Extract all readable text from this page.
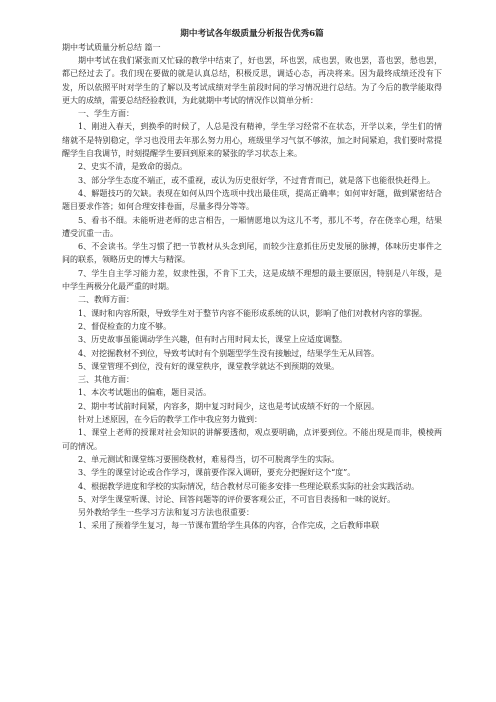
期中考试各年级质量分析报告优秀6篇
期中考试质量分析总结 篇一
期中考试在我们紧张而又忙碌的教学中结束了，好也罢，坏也罢，成也罢，败也罢，喜也罢，愁也罢，都已经过去了。我们现在要做的就是认真总结，积极反思，调适心态，再决将来。因为最终成绩还没有下发，所以依照平时对学生的了解以及考试成绩对学生前段时间的学习情况进行总结。为了今后的教学能取得更大的成绩，需要总结经验教训，为此就期中考试的情况作以简单分析：
一、学生方面：
1、刚进入春天，到换季的时候了，人总是没有精神，学生学习经常不在状态，开学以来，学生们的情绪就不是特别稳定，学习也没用去年那么努力用心，班级里学习气氛不够浓，加之时间紧迫，我们要时常提醒学生自我调节，时刻提醒学生要回到原来的紧张的学习状态上来。
2、史实不清，是致命的弱点。
3、部分学生态度不端正，或不重视，或认为历史很好学，不过背背而已，就是落下也能很快赶得上。
4、解题技巧的欠缺。表现在如何从四个选项中找出最佳项，提高正确率；如何审好题，做到紧密结合题目要求作答；如何合理安排卷面，尽量多得分等等。
5、看书不细。未能听进老师的忠言相告，一厢情愿地以为这儿不考，那儿不考，存在侥幸心理，结果遭受沉重一击。
6、不会读书。学生习惯了把一节教材从头念到尾，而较少注意抓住历史发展的脉搏，体味历史事件之间的联系，领略历史的博大与精深。
7、学生自主学习能力差，奴隶性强，不肯下工夫，这是成绩不理想的最主要原因，特别是八年级，是中学生两极分化最严重的时期。
二、教师方面：
1、课时和内容所限，导致学生对于整节内容不能形成系统的认识，影响了他们对教材内容的掌握。
2、督促检查的力度不够。
3、历史故事虽能调动学生兴趣，但有时占用时间太长，课堂上应适度调整。
4、对挖掘教材不到位，导致考试时有个别题型学生没有接触过，结果学生无从回答。
5、课堂管理不到位，没有好的课堂秩序，课堂教学就达不到预期的效果。
三、其他方面：
1、本次考试题出的偏难，题目灵活。
2、期中考试前时间紧，内容多，期中复习时间少，这也是考试成绩不好的一个原因。
针对上述原因，在今后的教学工作中我应努力做到：
1、课堂上老师的授课对社会知识的讲解要透彻，观点要明确，点评要到位。不能出现是而非，模棱两可的情况。
2、单元测试和课堂练习要围绕教材，难易得当，切不可脱离学生的实际。
3、学生的课堂讨论或合作学习，课前要作深入调研，要充分把握好这个“度”。
4、根据教学进度和学校的实际情况，结合教材尽可能多安排一些理论联系实际的社会实践活动。
5、对学生课堂听课、讨论、回答问题等的评价要客观公正，不可盲目表扬和一味的说好。
另外教给学生一些学习方法和复习方法也很重要：
1、采用了预着学生复习，每一节课布置给学生具体的内容，合作完成，之后教师串联
